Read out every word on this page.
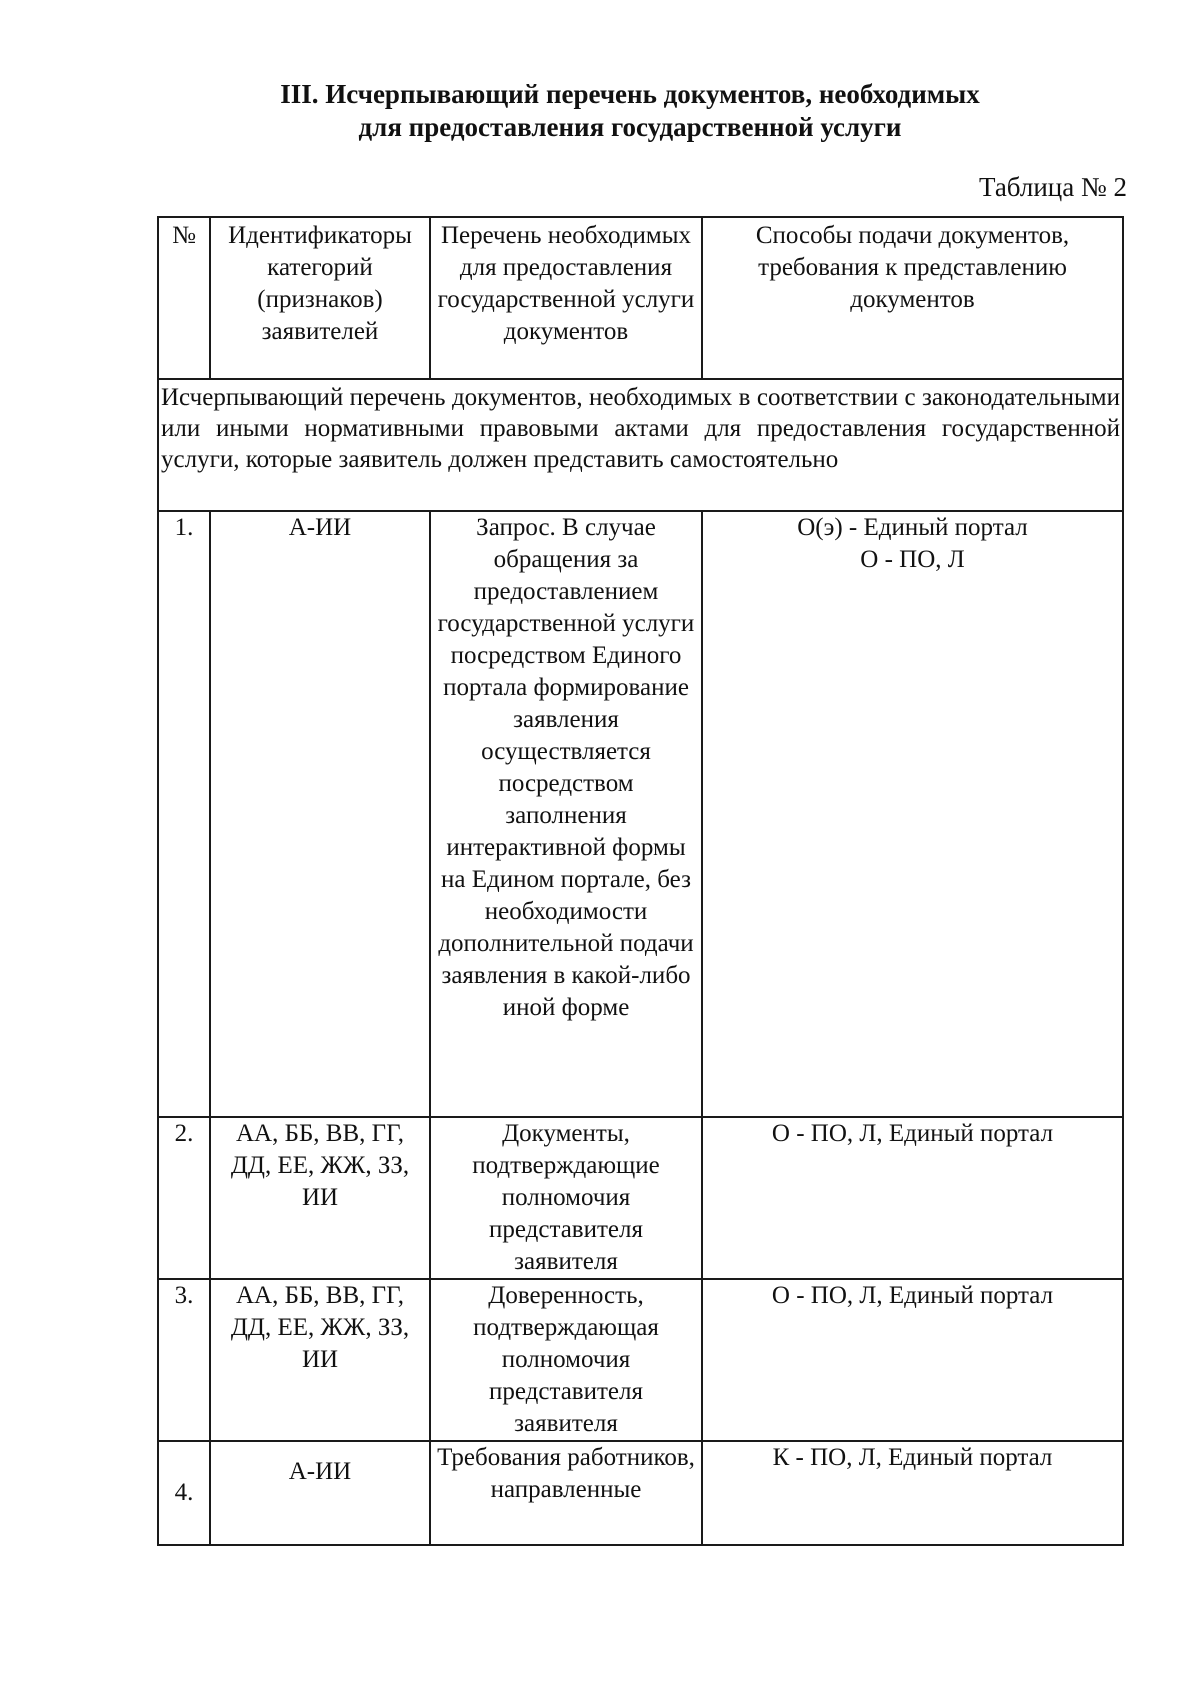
III. Исчерпывающий перечень документов, необходимых
для предоставления государственной услуги
Таблица № 2
№	Идентификаторы категорий (признаков) заявителей	Перечень необходимых для предоставления государственной услуги документов	Способы подачи документов, требования к представлению документов
Исчерпывающий перечень документов, необходимых в соответствии с законодательными или иными нормативными правовыми актами для предоставления государственной услуги, которые заявитель должен представить самостоятельно			
1.	А-ИИ	Запрос. В случае обращения за предоставлением государственной услуги посредством Единого портала формирование заявления осуществляется посредством заполнения интерактивной формы на Едином портале, без необходимости дополнительной подачи заявления в какой-либо иной форме	О(э) - Единый портал
О - ПО, Л

2.	АА, ББ, ВВ, ГГ, ДД, ЕЕ, ЖЖ, ЗЗ, ИИ	Документы, подтверждающие полномочия представителя заявителя	О - ПО, Л, Единый портал
3.	АА, ББ, ВВ, ГГ, ДД, ЕЕ, ЖЖ, ЗЗ, ИИ	Доверенность, подтверждающая полномочия представителя заявителя	О - ПО, Л, Единый портал
4.	А-ИИ	Требования работников, направленные	К - ПО, Л, Единый портал
